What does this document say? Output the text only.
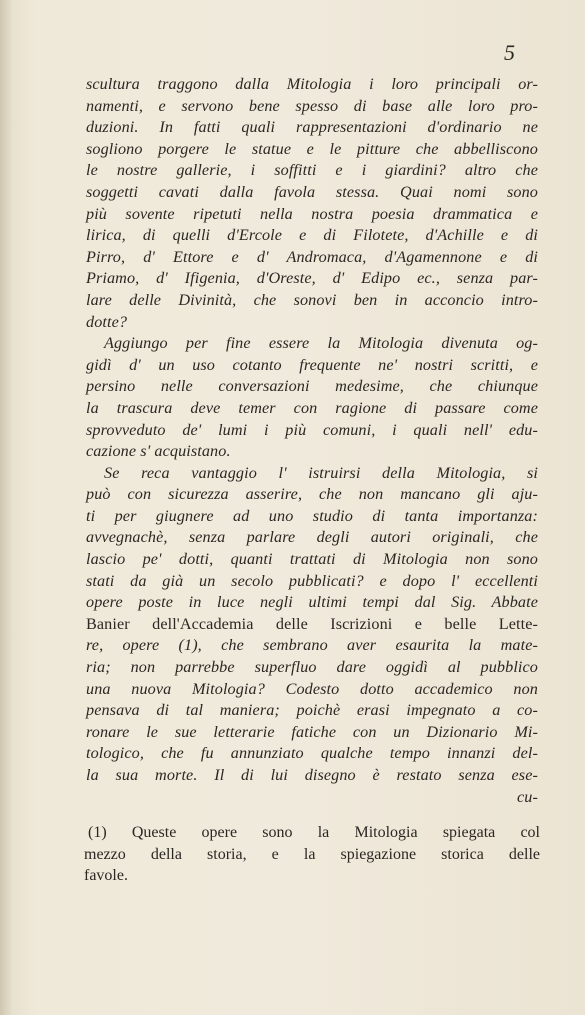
5
scultura traggono dalla Mitologia i loro principali or-
namenti, e servono bene spesso di base alle loro pro-
duzioni. In fatti quali rappresentazioni d'ordinario ne
sogliono porgere le statue e le pitture che abbelliscono
le nostre gallerie, i soffitti e i giardini? altro che
soggetti cavati dalla favola stessa. Quai nomi sono
più sovente ripetuti nella nostra poesia drammatica e
lirica, di quelli d'Ercole e di Filotete, d'Achille e di
Pirro, d' Ettore e d' Andromaca, d'Agamennone e di
Priamo, d' Ifigenia, d'Oreste, d' Edipo ec., senza par-
lare delle Divinità, che sonovi ben in acconcio intro-
dotte?
Aggiungo per fine essere la Mitologia divenuta og-
gidì d' un uso cotanto frequente ne' nostri scritti, e
persino nelle conversazioni medesime, che chiunque
la trascura deve temer con ragione di passare come
sprovveduto de' lumi i più comuni, i quali nell' edu-
cazione s' acquistano.
Se reca vantaggio l' istruirsi della Mitologia, si
può con sicurezza asserire, che non mancano gli aju-
ti per giugnere ad uno studio di tanta importanza:
avvegnachè, senza parlare degli autori originali, che
lascio pe' dotti, quanti trattati di Mitologia non sono
stati da già un secolo pubblicati? e dopo l' eccellenti
opere poste in luce negli ultimi tempi dal Sig. Abbate
Banier dell'Accademia delle Iscrizioni e belle Lette-
re, opere (1), che sembrano aver esaurita la mate-
ria; non parrebbe superfluo dare oggidì al pubblico
una nuova Mitologia? Codesto dotto accademico non
pensava di tal maniera; poichè erasi impegnato a co-
ronare le sue letterarie fatiche con un Dizionario Mi-
tologico, che fu annunziato qualche tempo innanzi del-
la sua morte. Il di lui disegno è restato senza ese-
cu-
(1) Queste opere sono la Mitologia spiegata col
mezzo della storia, e la spiegazione storica delle
favole.
